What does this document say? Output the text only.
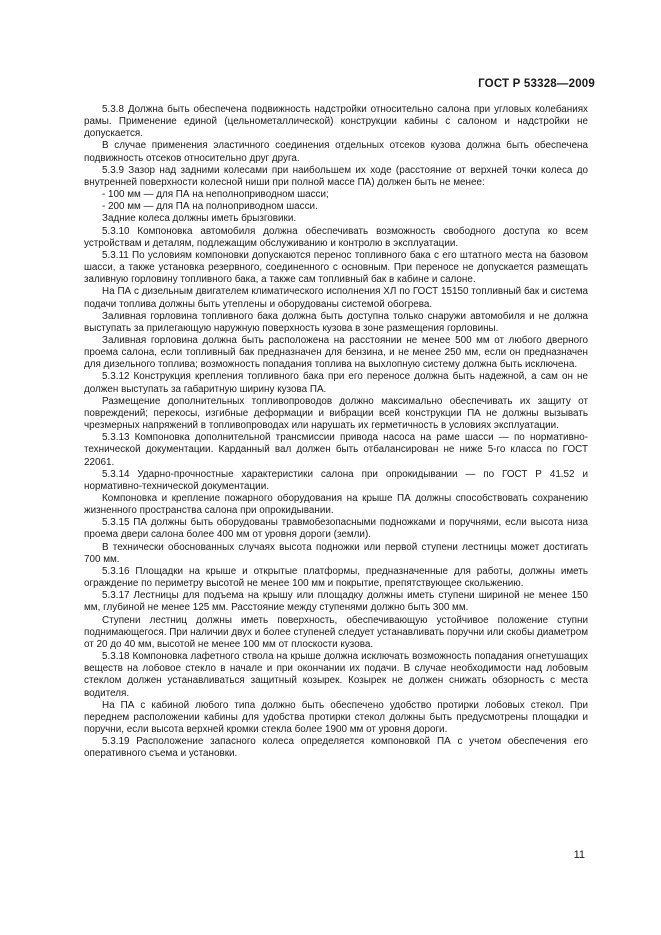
ГОСТ Р 53328—2009

5.3.8 Должна быть обеспечена подвижность надстройки относительно салона при угловых колебаниях рамы. Применение единой (цельнометаллической) конструкции кабины с салоном и надстройки не допускается.

В случае применения эластичного соединения отдельных отсеков кузова должна быть обеспечена подвижность отсеков относительно друг друга.

5.3.9 Зазор над задними колесами при наибольшем их ходе (расстояние от верхней точки колеса до внутренней поверхности колесной ниши при полной массе ПА) должен быть не менее:

- 100 мм — для ПА на неполноприводном шасси;

- 200 мм — для ПА на полноприводном шасси.

Задние колеса должны иметь брызговики.

5.3.10 Компоновка автомобиля должна обеспечивать возможность свободного доступа ко всем устройствам и деталям, подлежащим обслуживанию и контролю в эксплуатации.

5.3.11 По условиям компоновки допускаются перенос топливного бака с его штатного места на базовом шасси, а также установка резервного, соединенного с основным. При переносе не допускается размещать заливную горловину топливного бака, а также сам топливный бак в кабине и салоне.

На ПА с дизельным двигателем климатического исполнения ХЛ по ГОСТ 15150 топливный бак и система подачи топлива должны быть утеплены и оборудованы системой обогрева.

Заливная горловина топливного бака должна быть доступна только снаружи автомобиля и не должна выступать за прилегающую наружную поверхность кузова в зоне размещения горловины.

Заливная горловина должна быть расположена на расстоянии не менее 500 мм от любого дверного проема салона, если топливный бак предназначен для бензина, и не менее 250 мм, если он предназначен для дизельного топлива; возможность попадания топлива на выхлопную систему должна быть исключена.

5.3.12 Конструкция крепления топливного бака при его переносе должна быть надежной, а сам он не должен выступать за габаритную ширину кузова ПА.

Размещение дополнительных топливопроводов должно максимально обеспечивать их защиту от повреждений; перекосы, изгибные деформации и вибрации всей конструкции ПА не должны вызывать чрезмерных напряжений в топливопроводах или нарушать их герметичность в условиях эксплуатации.

5.3.13 Компоновка дополнительной трансмиссии привода насоса на раме шасси — по нормативно-технической документации. Карданный вал должен быть отбалансирован не ниже 5-го класса по ГОСТ 22061.

5.3.14 Ударно-прочностные характеристики салона при опрокидывании — по ГОСТ Р 41.52 и нормативно-технической документации.

Компоновка и крепление пожарного оборудования на крыше ПА должны способствовать сохранению жизненного пространства салона при опрокидывании.

5.3.15 ПА должны быть оборудованы травмобезопасными подножками и поручнями, если высота низа проема двери салона более 400 мм от уровня дороги (земли).

В технически обоснованных случаях высота подножки или первой ступени лестницы может достигать 700 мм.

5.3.16 Площадки на крыше и открытые платформы, предназначенные для работы, должны иметь ограждение по периметру высотой не менее 100 мм и покрытие, препятствующее скольжению.

5.3.17 Лестницы для подъема на крышу или площадку должны иметь ступени шириной не менее 150 мм, глубиной не менее 125 мм. Расстояние между ступенями должно быть 300 мм.

Ступени лестниц должны иметь поверхность, обеспечивающую устойчивое положение ступни поднимающегося. При наличии двух и более ступеней следует устанавливать поручни или скобы диаметром от 20 до 40 мм, высотой не менее 100 мм от плоскости кузова.

5.3.18 Компоновка лафетного ствола на крыше должна исключать возможность попадания огнетушащих веществ на лобовое стекло в начале и при окончании их подачи. В случае необходимости над лобовым стеклом должен устанавливаться защитный козырек. Козырек не должен снижать обзорность с места водителя.

На ПА с кабиной любого типа должно быть обеспечено удобство протирки лобовых стекол. При переднем расположении кабины для удобства протирки стекол должны быть предусмотрены площадки и поручни, если высота верхней кромки стекла более 1900 мм от уровня дороги.

5.3.19 Расположение запасного колеса определяется компоновкой ПА с учетом обеспечения его оперативного съема и установки.

11
